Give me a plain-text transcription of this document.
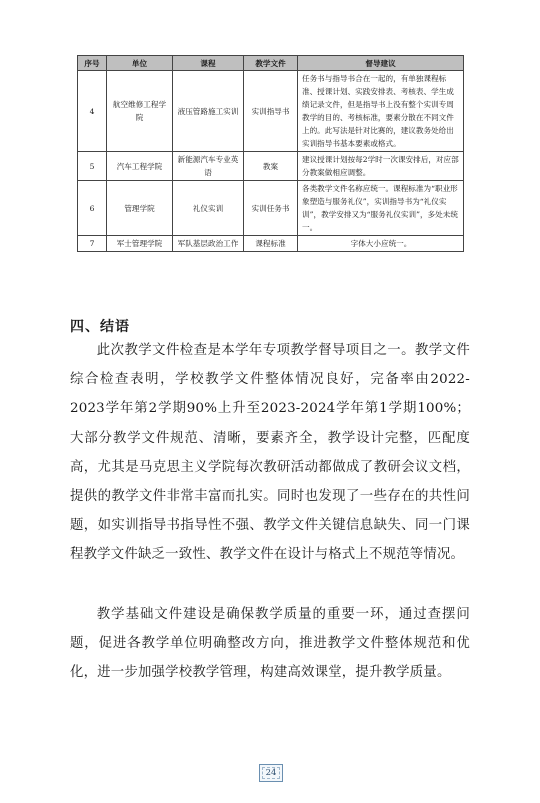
序号	单位	课程	教学文件	督导建议
4	航空维修工程学院	液压管路施工实训	实训指导书	任务书与指导书合在一起的，有单独课程标准、授课计划、实践安排表、考核表、学生成绩记录文件，但是指导书上没有整个实训专周教学的目的、考核标准，要素分散在不同文件上的。此写法是针对比赛的，建议教务处给出实训指导书基本要素或格式。
5	汽车工程学院	新能源汽车专业英语	教案	建议授课计划按每2学时一次课安排后，对应部分教案做相应调整。
6	管理学院	礼仪实训	实训任务书	各类教学文件名称应统一。课程标准为“职业形象塑造与服务礼仪”，实训指导书为“礼仪实训”，教学安排又为“服务礼仪实训”，多处未统一。
7	军士管理学院	军队基层政治工作	课程标准	字体大小应统一。
四、结语
此次教学文件检查是本学年专项教学督导项目之一。教学文件综合检查表明，学校教学文件整体情况良好，完备率由2022-2023学年第2学期90%上升至2023-2024学年第1学期100%；大部分教学文件规范、清晰，要素齐全，教学设计完整，匹配度高，尤其是马克思主义学院每次教研活动都做成了教研会议文档，提供的教学文件非常丰富而扎实。同时也发现了一些存在的共性问题，如实训指导书指导性不强、教学文件关键信息缺失、同一门课程教学文件缺乏一致性、教学文件在设计与格式上不规范等情况。
教学基础文件建设是确保教学质量的重要一环，通过查摆问题，促进各教学单位明确整改方向，推进教学文件整体规范和优化，进一步加强学校教学管理，构建高效课堂，提升教学质量。
24
